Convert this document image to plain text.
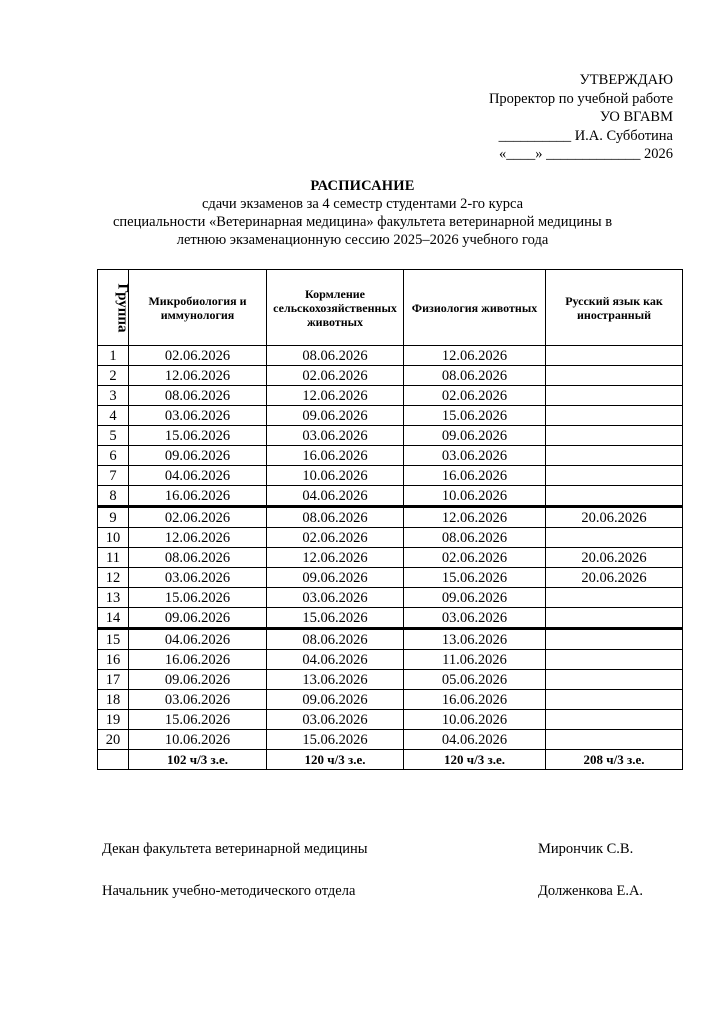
УТВЕРЖДАЮ
Проректор по учебной работе
УО ВГАВМ
__________ И.А. Субботина
«____» _____________ 2026
РАСПИСАНИЕ
сдачи экзаменов за 4 семестр студентами 2-го курса
специальности «Ветеринарная медицина» факультета ветеринарной медицины в
летнюю экзаменационную сессию 2025–2026 учебного года
Группа	Микробиология и иммунология	Кормление сельскохозяйственных животных	Физиология животных	Русский язык как иностранный
1	02.06.2026	08.06.2026	12.06.2026	
2	12.06.2026	02.06.2026	08.06.2026	
3	08.06.2026	12.06.2026	02.06.2026	
4	03.06.2026	09.06.2026	15.06.2026	
5	15.06.2026	03.06.2026	09.06.2026	
6	09.06.2026	16.06.2026	03.06.2026	
7	04.06.2026	10.06.2026	16.06.2026	
8	16.06.2026	04.06.2026	10.06.2026	
9	02.06.2026	08.06.2026	12.06.2026	20.06.2026
10	12.06.2026	02.06.2026	08.06.2026	
11	08.06.2026	12.06.2026	02.06.2026	20.06.2026
12	03.06.2026	09.06.2026	15.06.2026	20.06.2026
13	15.06.2026	03.06.2026	09.06.2026	
14	09.06.2026	15.06.2026	03.06.2026	
15	04.06.2026	08.06.2026	13.06.2026	
16	16.06.2026	04.06.2026	11.06.2026	
17	09.06.2026	13.06.2026	05.06.2026	
18	03.06.2026	09.06.2026	16.06.2026	
19	15.06.2026	03.06.2026	10.06.2026	
20	10.06.2026	15.06.2026	04.06.2026	
	102 ч/3 з.е.	120 ч/3 з.е.	120 ч/3 з.е.	208 ч/3 з.е.
Декан факультета ветеринарной медицины	Мирончик С.В.
Начальник учебно-методического отдела	Долженкова Е.А.
